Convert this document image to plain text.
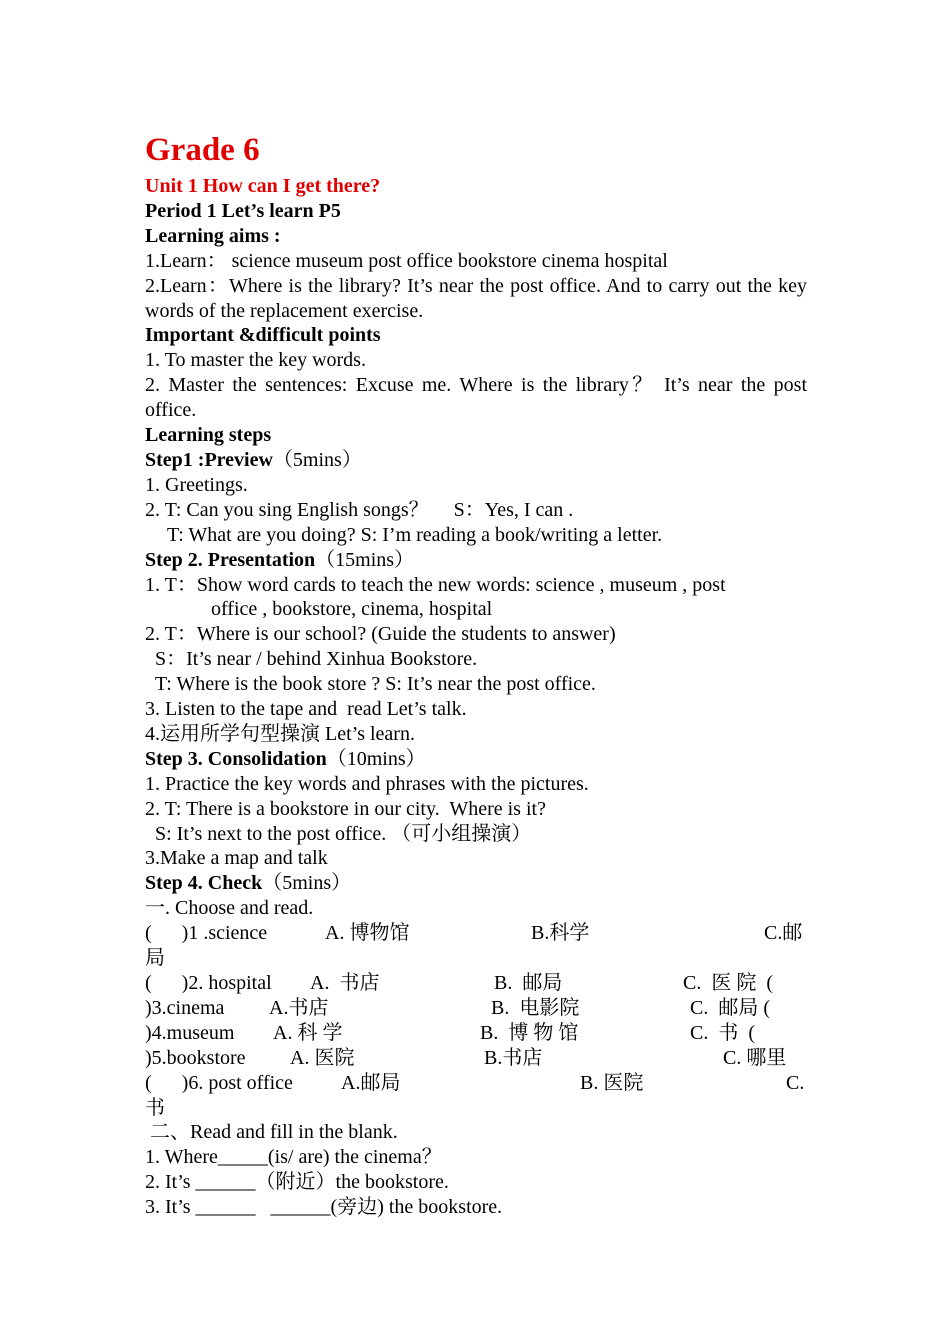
Grade 6
Unit 1 How can I get there?
Period 1 Let’s learn P5
Learning aims :
1.Learn： science museum post office bookstore cinema hospital
2.Learn：Where is the library? It’s near the post office. And to carry out the key words of the replacement exercise.
Important &difficult points
1. To master the key words.
2. Master the sentences: Excuse me. Where is the library？ It’s near the post office.
Learning steps
Step1 :Preview（5mins）
1. Greetings.
2. T: Can you sing English songs？     S：Yes, I can .
T: What are you doing? S: I’m reading a book/writing a letter.
Step 2. Presentation（15mins）
1. T：Show word cards to teach the new words: science , museum , post
office , bookstore, cinema, hospital
2. T：Where is our school? (Guide the students to answer)
S：It’s near / behind Xinhua Bookstore.
T: Where is the book store ? S: It’s near the post office.
3. Listen to the tape and  read Let’s talk.
4.运用所学句型操演 Let’s learn.
Step 3. Consolidation（10mins）
1. Practice the key words and phrases with the pictures.
2. T: There is a bookstore in our city.  Where is it?
S: It’s next to the post office. （可小组操演）
3.Make a map and talk
Step 4. Check（5mins）
一. Choose and read.
(      )1 .science	A. 博物馆	B.科学	C.邮
局
(      )2. hospital	A.  书店	B.  邮局	C.  医 院  (
)3.cinema	A.书店	B.  电影院	C.  邮局 (
)4.museum	A. 科 学	B.  博 物 馆	C.  书  (
)5.bookstore	A. 医院	B.书店	C. 哪里
(      )6. post office	A.邮局	B. 医院	C.
书
二、Read and fill in the blank.
1. Where_____(is/ are) the cinema？
2. It’s ______（附近）the bookstore.
3. It’s ______   ______(旁边) the bookstore.
